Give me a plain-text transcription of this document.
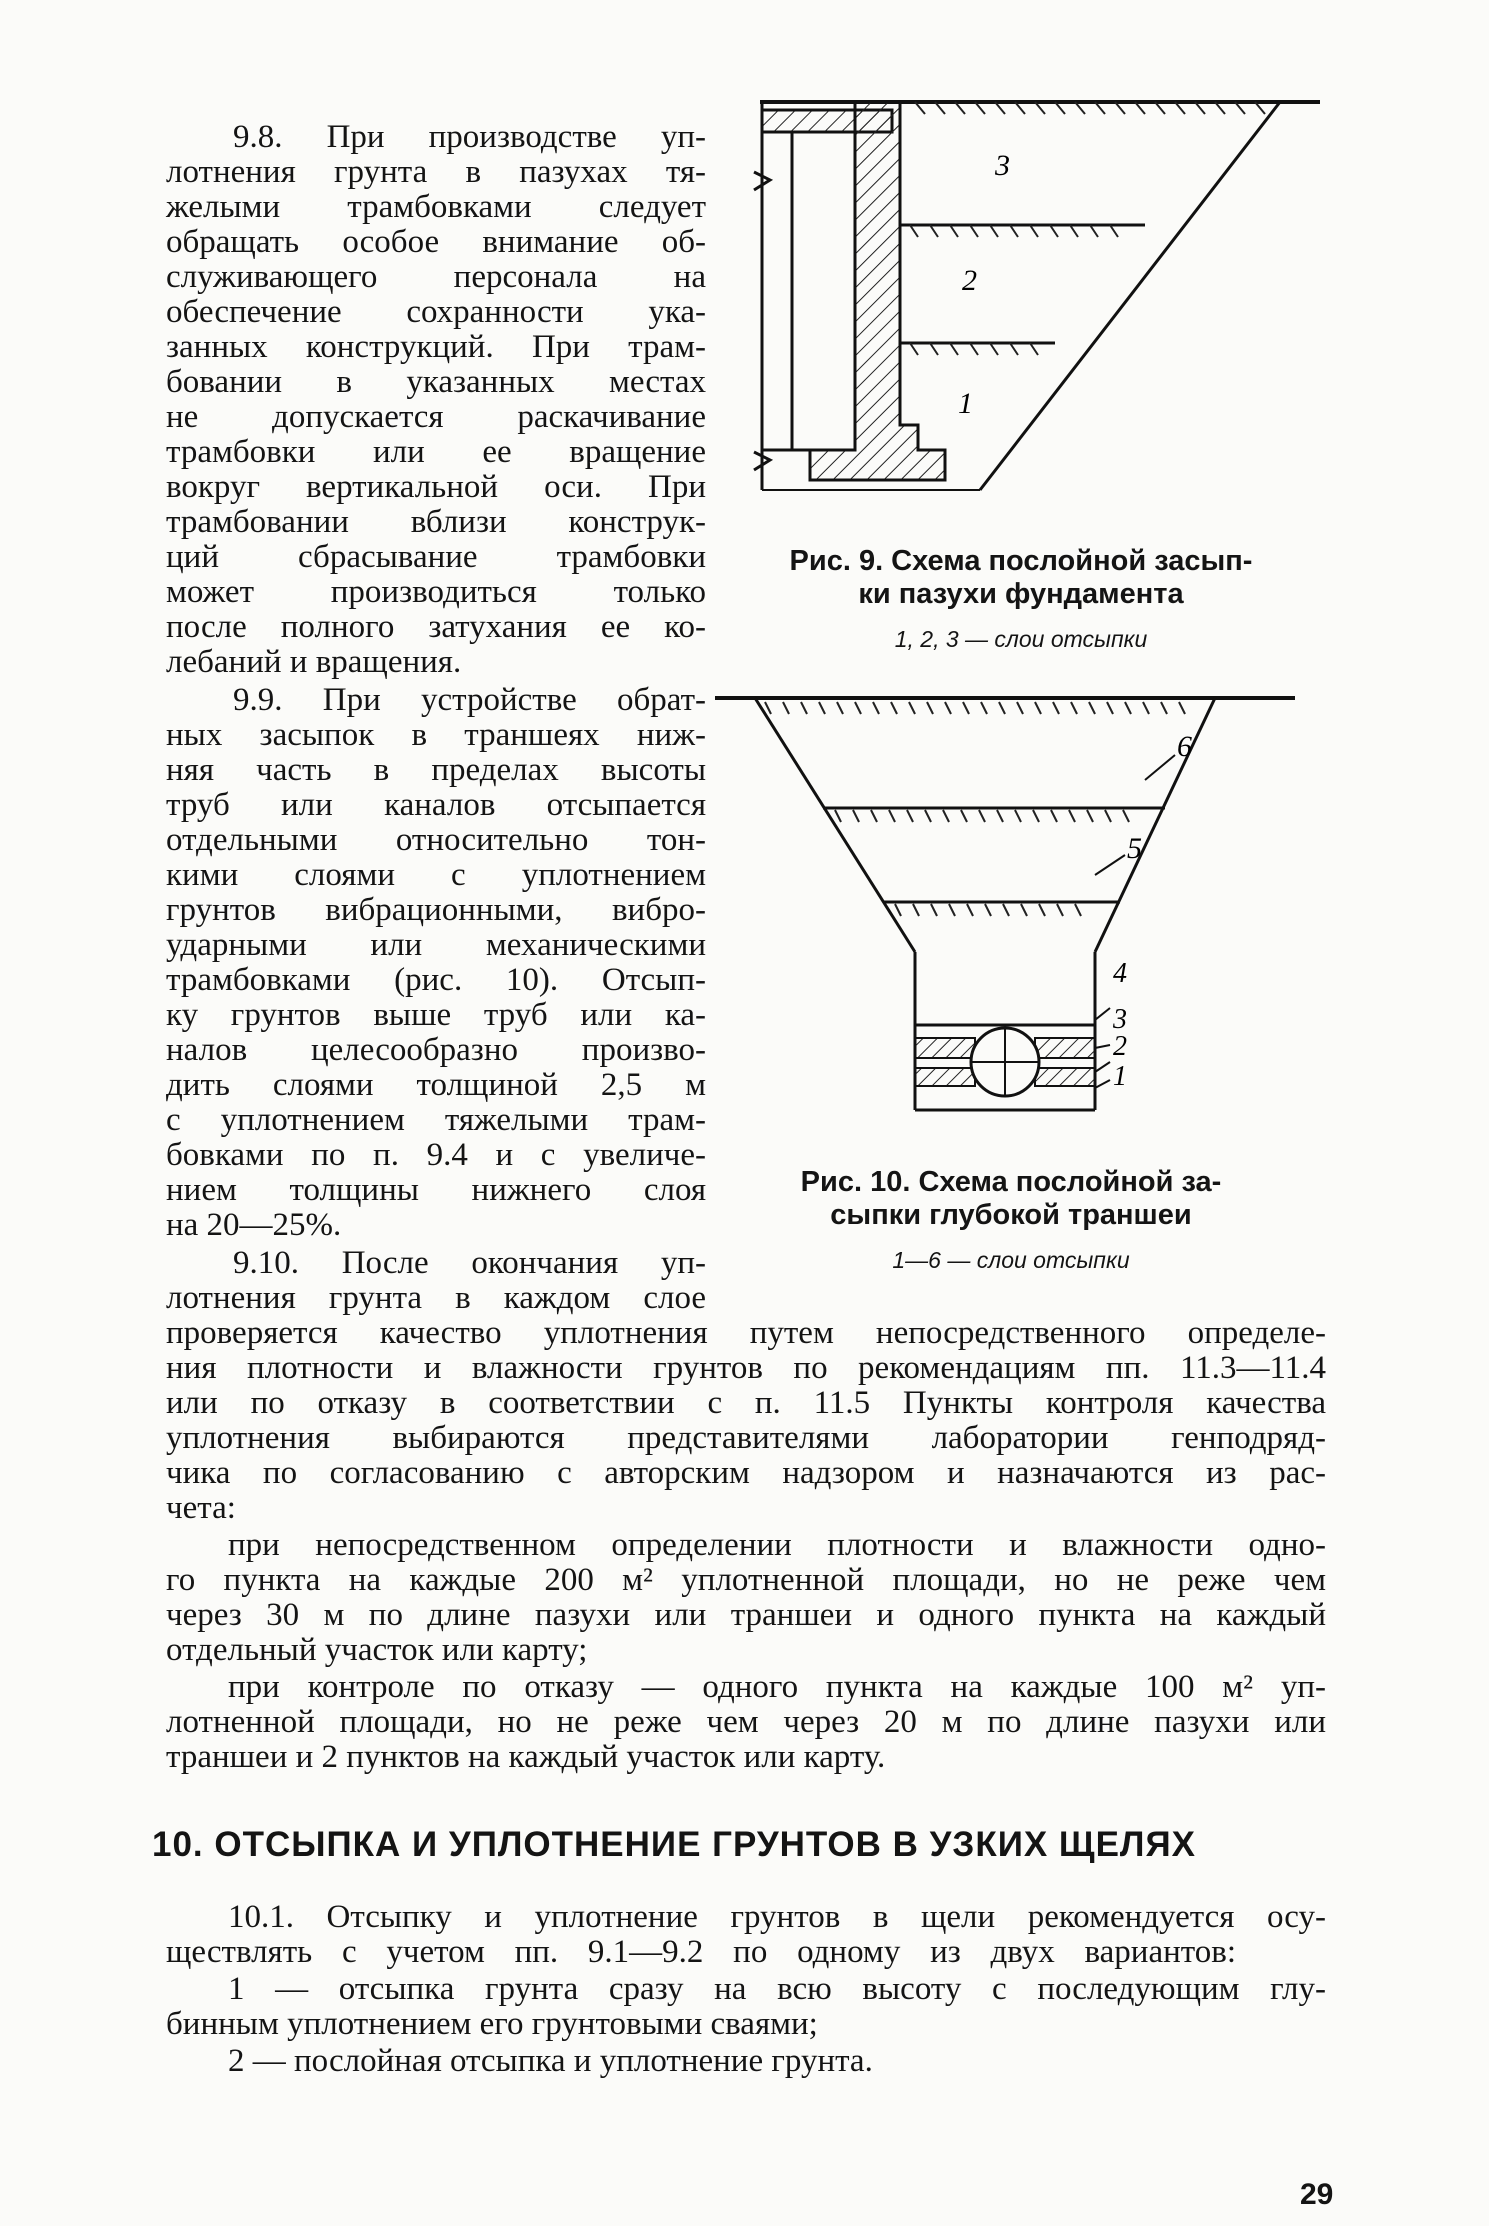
9.8. При производстве уп-
лотнения грунта в пазухах тя-
желыми трамбовками следует
обращать особое внимание об-
служивающего персонала на
обеспечение сохранности ука-
занных конструкций. При трам-
бовании в указанных местах
не допускается раскачивание
трамбовки или ее вращение
вокруг вертикальной оси. При
трамбовании вблизи конструк-
ций сбрасывание трамбовки
может производиться только
после полного затухания ее ко-
лебаний и вращения.
9.9. При устройстве обрат-
ных засыпок в траншеях ниж-
няя часть в пределах высоты
труб или каналов отсыпается
отдельными относительно тон-
кими слоями с уплотнением
грунтов вибрационными, вибро-
ударными или механическими
трамбовками (рис. 10). Отсып-
ку грунтов выше труб или ка-
налов целесообразно произво-
дить слоями толщиной 2,5 м
с уплотнением тяжелыми трам-
бовками по п. 9.4 и с увеличе-
нием толщины нижнего слоя
на 20—25%.
9.10. После окончания уп-
лотнения грунта в каждом слое
3
2
1
Рис. 9. Схема послойной засып-
ки пазухи фундамента
1, 2, 3 — слои отсыпки
6
5
4
3
2
1
Рис. 10. Схема послойной за-
сыпки глубокой траншеи
1—6 — слои отсыпки
проверяется качество уплотнения путем непосредственного определе-
ния плотности и влажности грунтов по рекомендациям пп. 11.3—11.4
или по отказу в соответствии с п. 11.5 Пункты контроля качества
уплотнения выбираются представителями лаборатории генподряд-
чика по согласованию с авторским надзором и назначаются из рас-
чета:
при непосредственном определении плотности и влажности одно-
го пункта на каждые 200 м² уплотненной площади, но не реже чем
через 30 м по длине пазухи или траншеи и одного пункта на каждый
отдельный участок или карту;
при контроле по отказу — одного пункта на каждые 100 м² уп-
лотненной площади, но не реже чем через 20 м по длине пазухи или
траншеи и 2 пунктов на каждый участок или карту.
10. ОТСЫПКА И УПЛОТНЕНИЕ ГРУНТОВ В УЗКИХ ЩЕЛЯХ
10.1. Отсыпку и уплотнение грунтов в щели рекомендуется осу-
ществлять с учетом пп. 9.1—9.2 по одному из двух вариантов:
1 — отсыпка грунта сразу на всю высоту с последующим глу-
бинным уплотнением его грунтовыми сваями;
2 — послойная отсыпка и уплотнение грунта.
29
